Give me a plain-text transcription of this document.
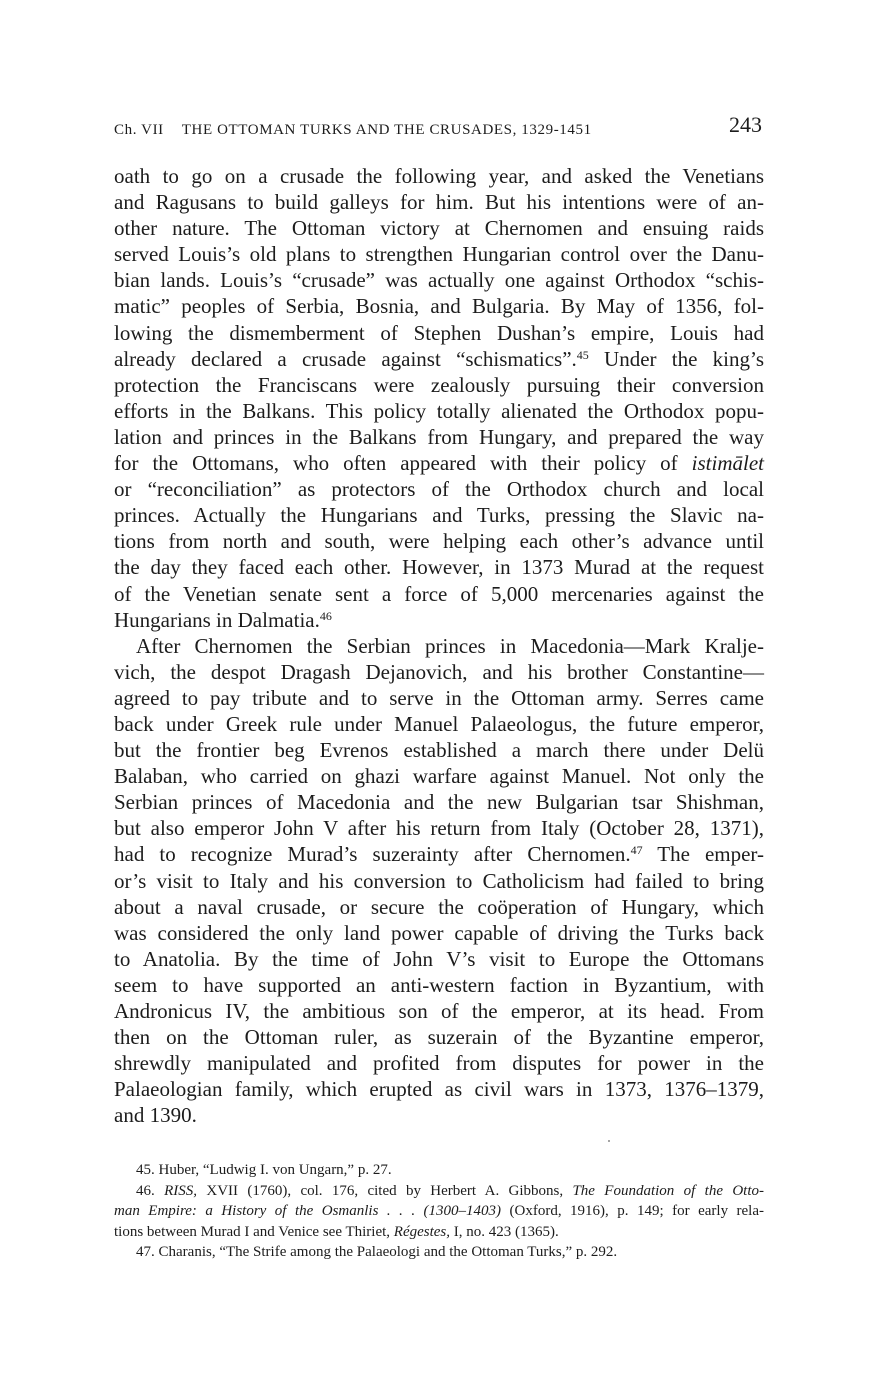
Ch. VII THE OTTOMAN TURKS AND THE CRUSADES, 1329-1451	243
oath to go on a crusade the following year, and asked the Venetians
and Ragusans to build galleys for him. But his intentions were of an-
other nature. The Ottoman victory at Chernomen and ensuing raids
served Louis’s old plans to strengthen Hungarian control over the Danu-
bian lands. Louis’s “crusade” was actually one against Orthodox “schis-
matic” peoples of Serbia, Bosnia, and Bulgaria. By May of 1356, fol-
lowing the dismemberment of Stephen Dushan’s empire, Louis had
already declared a crusade against “schismatics”.$^{45}$ Under the king’s
protection the Franciscans were zealously pursuing their conversion
efforts in the Balkans. This policy totally alienated the Orthodox popu-
lation and princes in the Balkans from Hungary, and prepared the way
for the Ottomans, who often appeared with their policy of istimālet
or “reconciliation” as protectors of the Orthodox church and local
princes. Actually the Hungarians and Turks, pressing the Slavic na-
tions from north and south, were helping each other’s advance until
the day they faced each other. However, in 1373 Murad at the request
of the Venetian senate sent a force of 5,000 mercenaries against the
Hungarians in Dalmatia.$^{46}$
After Chernomen the Serbian princes in Macedonia—Mark Kralje-
vich, the despot Dragash Dejanovich, and his brother Constantine—
agreed to pay tribute and to serve in the Ottoman army. Serres came
back under Greek rule under Manuel Palaeologus, the future emperor,
but the frontier beg Evrenos established a march there under Delü
Balaban, who carried on ghazi warfare against Manuel. Not only the
Serbian princes of Macedonia and the new Bulgarian tsar Shishman,
but also emperor John V after his return from Italy (October 28, 1371),
had to recognize Murad’s suzerainty after Chernomen.$^{47}$ The emper-
or’s visit to Italy and his conversion to Catholicism had failed to bring
about a naval crusade, or secure the coöperation of Hungary, which
was considered the only land power capable of driving the Turks back
to Anatolia. By the time of John V’s visit to Europe the Ottomans
seem to have supported an anti-western faction in Byzantium, with
Andronicus IV, the ambitious son of the emperor, at its head. From
then on the Ottoman ruler, as suzerain of the Byzantine emperor,
shrewdly manipulated and profited from disputes for power in the
Palaeologian family, which erupted as civil wars in 1373, 1376–1379,
and 1390.
45. Huber, “Ludwig I. von Ungarn,” p. 27.
46. RISS, XVII (1760), col. 176, cited by Herbert A. Gibbons, The Foundation of the Otto-
man Empire: a History of the Osmanlis . . . (1300–1403) (Oxford, 1916), p. 149; for early rela-
tions between Murad I and Venice see Thiriet, Régestes, I, no. 423 (1365).
47. Charanis, “The Strife among the Palaeologi and the Ottoman Turks,” p. 292.
